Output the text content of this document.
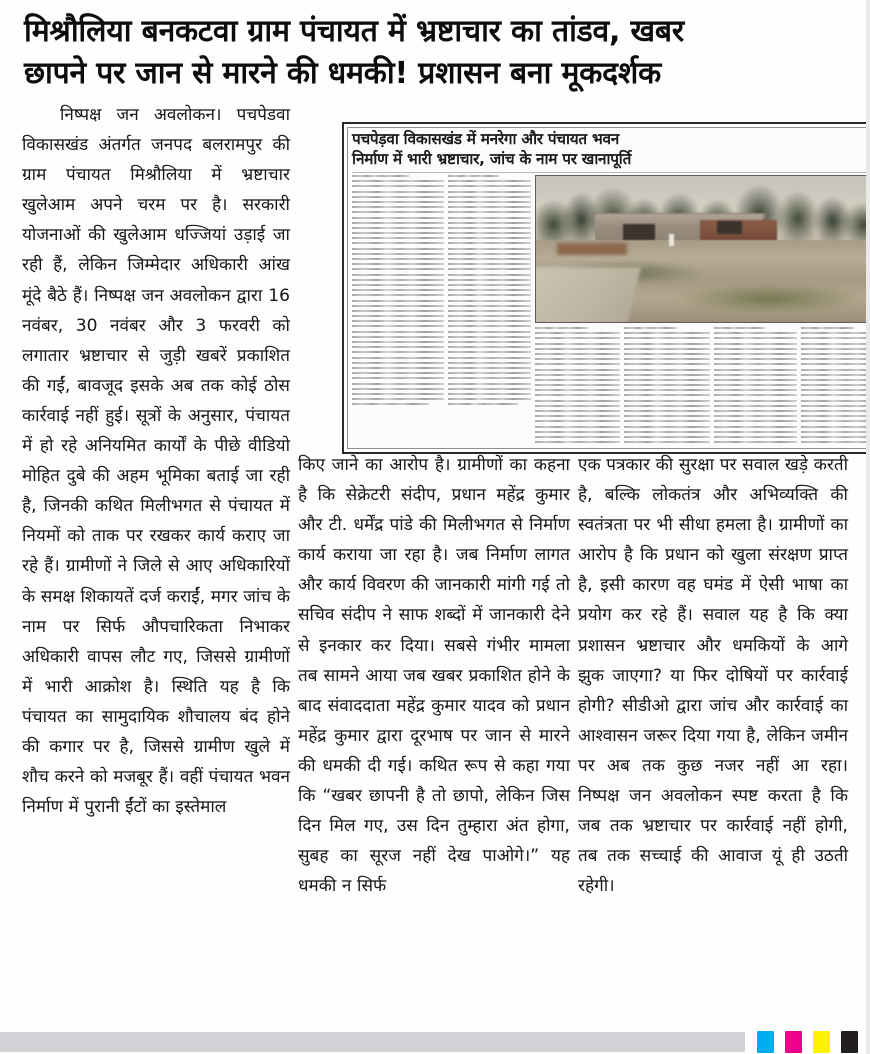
मिश्रौलिया बनकटवा ग्राम पंचायत में भ्रष्टाचार का तांडव, खबर
छापने पर जान से मारने की धमकी! प्रशासन बना मूकदर्शक
पचपेड़वा विकासखंड में मनरेगा और पंचायत भवन
निर्माण में भारी भ्रष्टाचार, जांच के नाम पर खानापूर्ति

निष्पक्ष जन अवलोकन। पचपेडवा विकासखंड अंतर्गत जनपद बलरामपुर की ग्राम पंचायत मिश्रौलिया में भ्रष्टाचार खुलेआम अपने चरम पर है। सरकारी योजनाओं की खुलेआम धज्जियां उड़ाई जा रही हैं, लेकिन जिम्मेदार अधिकारी आंख मूंदे बैठे हैं। निष्पक्ष जन अवलोकन द्वारा 16 नवंबर, 30 नवंबर और 3 फरवरी को लगातार भ्रष्टाचार से जुड़ी खबरें प्रकाशित की गईं, बावजूद इसके अब तक कोई ठोस कार्रवाई नहीं हुई। सूत्रों के अनुसार, पंचायत में हो रहे अनियमित कार्यों के पीछे वीडियो मोहित दुबे की अहम भूमिका बताई जा रही है, जिनकी कथित मिलीभगत से पंचायत में नियमों को ताक पर रखकर कार्य कराए जा रहे हैं। ग्रामीणों ने जिले से आए अधिकारियों के समक्ष शिकायतें दर्ज कराईं, मगर जांच के नाम पर सिर्फ औपचारिकता निभाकर अधिकारी वापस लौट गए, जिससे ग्रामीणों में भारी आक्रोश है। स्थिति यह है कि पंचायत का सामुदायिक शौचालय बंद होने की कगार पर है, जिससे ग्रामीण खुले में शौच करने को मजबूर हैं। वहीं पंचायत भवन निर्माण में पुरानी ईंटों का इस्तेमाल

किए जाने का आरोप है। ग्रामीणों का कहना है कि सेक्रेटरी संदीप, प्रधान महेंद्र कुमार और टी. धर्मेंद्र पांडे की मिलीभगत से निर्माण कार्य कराया जा रहा है। जब निर्माण लागत और कार्य विवरण की जानकारी मांगी गई तो सचिव संदीप ने साफ शब्दों में जानकारी देने से इनकार कर दिया। सबसे गंभीर मामला तब सामने आया जब खबर प्रकाशित होने के बाद संवाददाता महेंद्र कुमार यादव को प्रधान महेंद्र कुमार द्वारा दूरभाष पर जान से मारने की धमकी दी गई। कथित रूप से कहा गया कि “खबर छापनी है तो छापो, लेकिन जिस दिन मिल गए, उस दिन तुम्हारा अंत होगा, सुबह का सूरज नहीं देख पाओगे।” यह धमकी न सिर्फ

एक पत्रकार की सुरक्षा पर सवाल खड़े करती है, बल्कि लोकतंत्र और अभिव्यक्ति की स्वतंत्रता पर भी सीधा हमला है। ग्रामीणों का आरोप है कि प्रधान को खुला संरक्षण प्राप्त है, इसी कारण वह घमंड में ऐसी भाषा का प्रयोग कर रहे हैं। सवाल यह है कि क्या प्रशासन भ्रष्टाचार और धमकियों के आगे झुक जाएगा? या फिर दोषियों पर कार्रवाई होगी? सीडीओ द्वारा जांच और कार्रवाई का आश्वासन जरूर दिया गया है, लेकिन जमीन पर अब तक कुछ नजर नहीं आ रहा। निष्पक्ष जन अवलोकन स्पष्ट करता है कि जब तक भ्रष्टाचार पर कार्रवाई नहीं होगी, तब तक सच्चाई की आवाज यूं ही उठती रहेगी।
